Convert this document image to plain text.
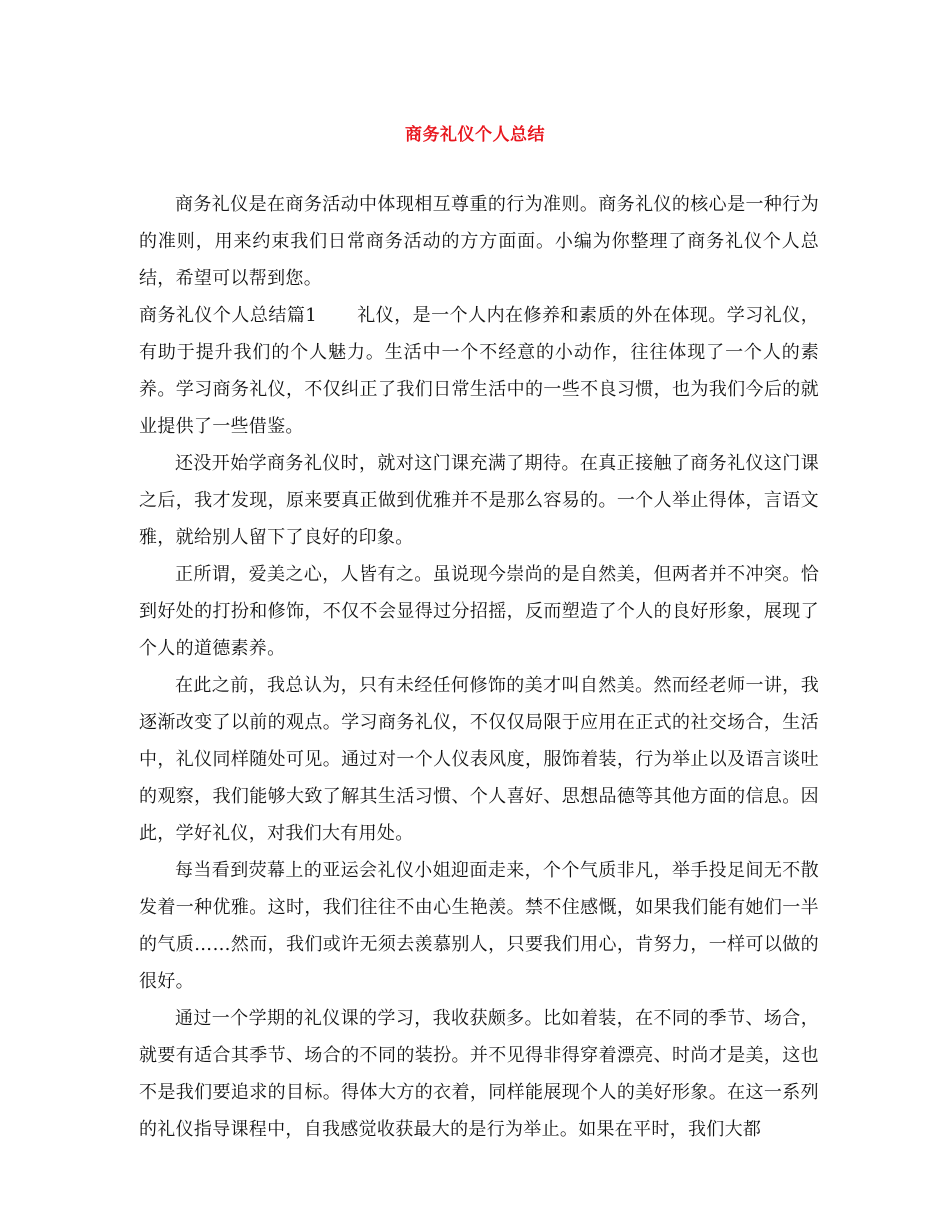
商务礼仪个人总结

商务礼仪是在商务活动中体现相互尊重的行为准则。商务礼仪的核心是一种行为的准则，用来约束我们日常商务活动的方方面面。小编为你整理了商务礼仪个人总结，希望可以帮到您。

商务礼仪个人总结篇1 礼仪，是一个人内在修养和素质的外在体现。学习礼仪，有助于提升我们的个人魅力。生活中一个不经意的小动作，往往体现了一个人的素养。学习商务礼仪，不仅纠正了我们日常生活中的一些不良习惯，也为我们今后的就业提供了一些借鉴。

还没开始学商务礼仪时，就对这门课充满了期待。在真正接触了商务礼仪这门课之后，我才发现，原来要真正做到优雅并不是那么容易的。一个人举止得体，言语文雅，就给别人留下了良好的印象。

正所谓，爱美之心，人皆有之。虽说现今崇尚的是自然美，但两者并不冲突。恰到好处的打扮和修饰，不仅不会显得过分招摇，反而塑造了个人的良好形象，展现了个人的道德素养。

在此之前，我总认为，只有未经任何修饰的美才叫自然美。然而经老师一讲，我逐渐改变了以前的观点。学习商务礼仪，不仅仅局限于应用在正式的社交场合，生活中，礼仪同样随处可见。通过对一个人仪表风度，服饰着装，行为举止以及语言谈吐的观察，我们能够大致了解其生活习惯、个人喜好、思想品德等其他方面的信息。因此，学好礼仪，对我们大有用处。

每当看到荧幕上的亚运会礼仪小姐迎面走来，个个气质非凡，举手投足间无不散发着一种优雅。这时，我们往往不由心生艳羡。禁不住感慨，如果我们能有她们一半的气质……然而，我们或许无须去羡慕别人，只要我们用心，肯努力，一样可以做的很好。

通过一个学期的礼仪课的学习，我收获颇多。比如着装，在不同的季节、场合，就要有适合其季节、场合的不同的装扮。并不见得非得穿着漂亮、时尚才是美，这也不是我们要追求的目标。得体大方的衣着，同样能展现个人的美好形象。在这一系列的礼仪指导课程中，自我感觉收获最大的是行为举止。如果在平时，我们大都
